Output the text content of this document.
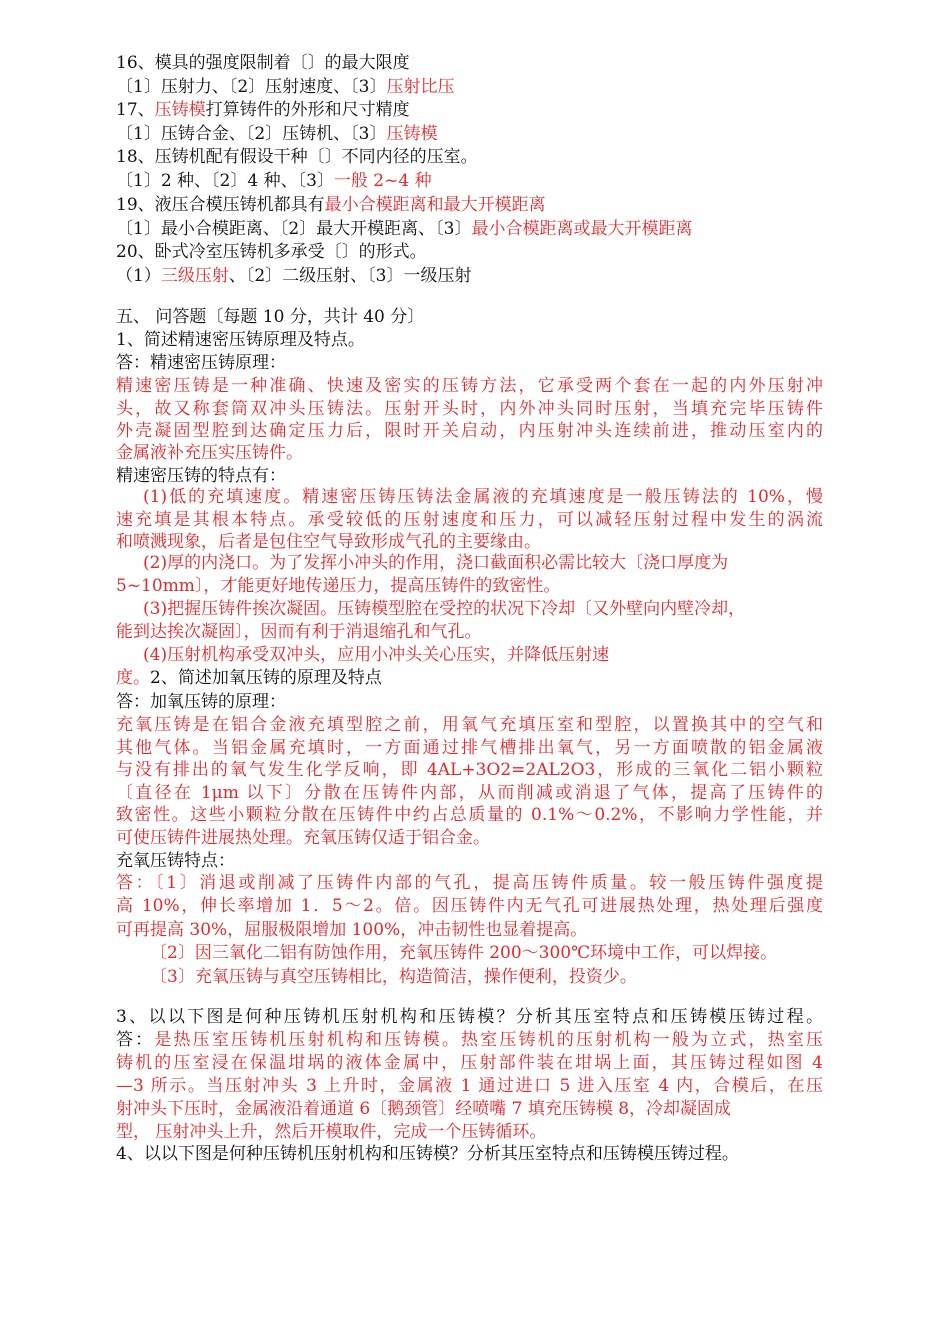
16、模具的强度限制着〔〕的最大限度
〔1〕压射力、〔2〕压射速度、〔3〕压射比压
17、压铸模打算铸件的外形和尺寸精度
〔1〕压铸合金、〔2〕压铸机、〔3〕压铸模
18、压铸机配有假设干种〔〕不同内径的压室。
〔1〕2 种、〔2〕4 种、〔3〕一般 2~4 种
19、液压合模压铸机都具有最小合模距离和最大开模距离
〔1〕最小合模距离、〔2〕最大开模距离、〔3〕最小合模距离或最大开模距离
20、卧式冷室压铸机多承受〔〕的形式。
（1）三级压射、〔2〕二级压射、〔3〕一级压射
五、 问答题〔每题 10 分，共计 40 分〕
1、简述精速密压铸原理及特点。
答：精速密压铸原理：
精速密压铸是一种准确、快速及密实的压铸方法，它承受两个套在一起的内外压射冲
头，故又称套筒双冲头压铸法。压射开头时，内外冲头同时压射，当填充完毕压铸件
外壳凝固型腔到达确定压力后，限时开关启动，内压射冲头连续前进，推动压室内的
金属液补充压实压铸件。
精速密压铸的特点有：
(1)低的充填速度。精速密压铸压铸法金属液的充填速度是一般压铸法的 10%，慢
速充填是其根本特点。承受较低的压射速度和压力，可以减轻压射过程中发生的涡流
和喷溅现象，后者是包住空气导致形成气孔的主要缘由。
(2)厚的内浇口。为了发挥小冲头的作用，浇口截面积必需比较大〔浇口厚度为
5~10mm〕，才能更好地传递压力，提高压铸件的致密性。
(3)把握压铸件挨次凝固。压铸模型腔在受控的状况下冷却〔又外壁向内壁冷却，
能到达挨次凝固〕，因而有利于消退缩孔和气孔。
(4)压射机构承受双冲头，应用小冲头关心压实，并降低压射速
度。2、简述加氧压铸的原理及特点
答：加氧压铸的原理：
充氧压铸是在铝合金液充填型腔之前，用氧气充填压室和型腔，以置换其中的空气和
其他气体。当铝金属充填时，一方面通过排气槽排出氧气，另一方面喷散的铝金属液
与没有排出的氧气发生化学反响，即 4AL+3O2=2AL2O3，形成的三氧化二铝小颗粒
〔直径在 1μm 以下〕分散在压铸件内部，从而削减或消退了气体，提高了压铸件的
致密性。这些小颗粒分散在压铸件中约占总质量的 0.1%～0.2%，不影响力学性能，并
可使压铸件进展热处理。充氧压铸仅适于铝合金。
充氧压铸特点：
答：〔1〕消退或削减了压铸件内部的气孔，提高压铸件质量。较一般压铸件强度提
高 10%，伸长率增加 1．5～2。倍。因压铸件内无气孔可进展热处理，热处理后强度
可再提高 30%，屈服极限增加 100%，冲击韧性也显着提高。
〔2〕因三氧化二铝有防蚀作用，充氧压铸件 200～300℃环境中工作，可以焊接。
〔3〕充氧压铸与真空压铸相比，构造简洁，操作便利，投资少。
3、以以下图是何种压铸机压射机构和压铸模？分析其压室特点和压铸模压铸过程。
答：是热压室压铸机压射机构和压铸模。热室压铸机的压射机构一般为立式，热室压
铸机的压室浸在保温坩埚的液体金属中，压射部件装在坩埚上面，其压铸过程如图 4
—3 所示。当压射冲头 3 上升时，金属液 1 通过进口 5 进入压室 4 内，合模后，在压
射冲头下压时，金属液沿着通道 6〔鹅颈管〕经喷嘴 7 填充压铸模 8，冷却凝固成
型， 压射冲头上升，然后开模取件，完成一个压铸循环。
4、以以下图是何种压铸机压射机构和压铸模？分析其压室特点和压铸模压铸过程。
